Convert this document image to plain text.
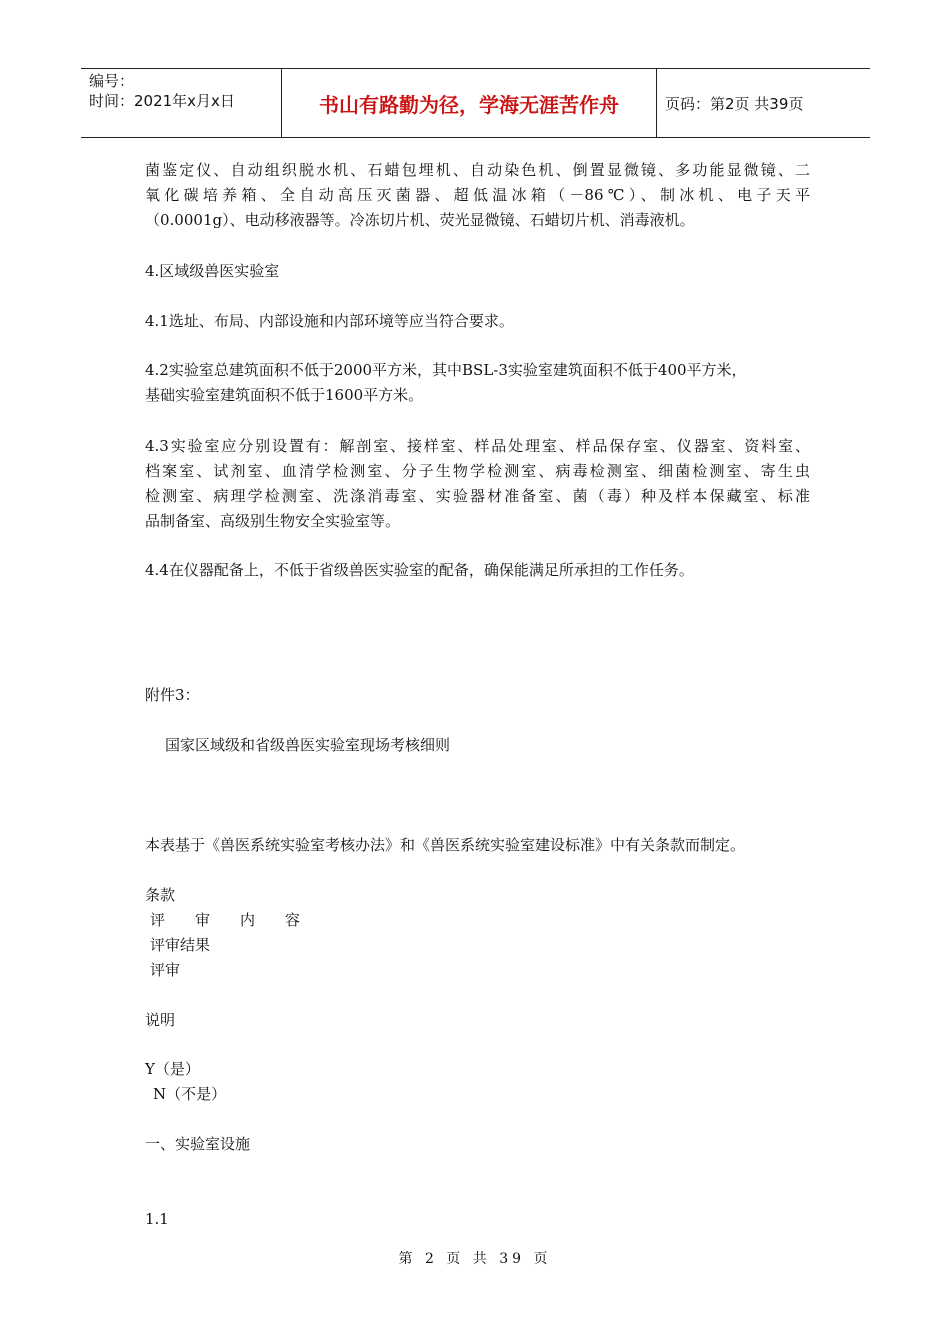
编号：
时间：2021年x月x日	书山有路勤为径，学海无涯苦作舟	页码：第2页 共39页

菌鉴定仪、自动组织脱水机、石蜡包埋机、自动染色机、倒置显微镜、多功能显微镜、二

氧化碳培养箱、全自动高压灭菌器、超低温冰箱（－86℃）、制冰机、电子天平

（0.0001g）、电动移液器等。冷冻切片机、荧光显微镜、石蜡切片机、消毒液机。

4.区域级兽医实验室

4.1选址、布局、内部设施和内部环境等应当符合要求。

4.2实验室总建筑面积不低于2000平方米，其中BSL-3实验室建筑面积不低于400平方米，

基础实验室建筑面积不低于1600平方米。

4.3实验室应分别设置有：解剖室、接样室、样品处理室、样品保存室、仪器室、资料室、

档案室、试剂室、血清学检测室、分子生物学检测室、病毒检测室、细菌检测室、寄生虫

检测室、病理学检测室、洗涤消毒室、实验器材准备室、菌（毒）种及样本保藏室、标准

品制备室、高级别生物安全实验室等。

4.4在仪器配备上，不低于省级兽医实验室的配备，确保能满足所承担的工作任务。

附件3：

国家区域级和省级兽医实验室现场考核细则

本表基于《兽医系统实验室考核办法》和《兽医系统实验室建设标准》中有关条款而制定。

条款

评　　审　　内　　容

评审结果

评审

说明

Y（是）

N（不是）

一、实验室设施

1.1

第 2 页 共 39 页
